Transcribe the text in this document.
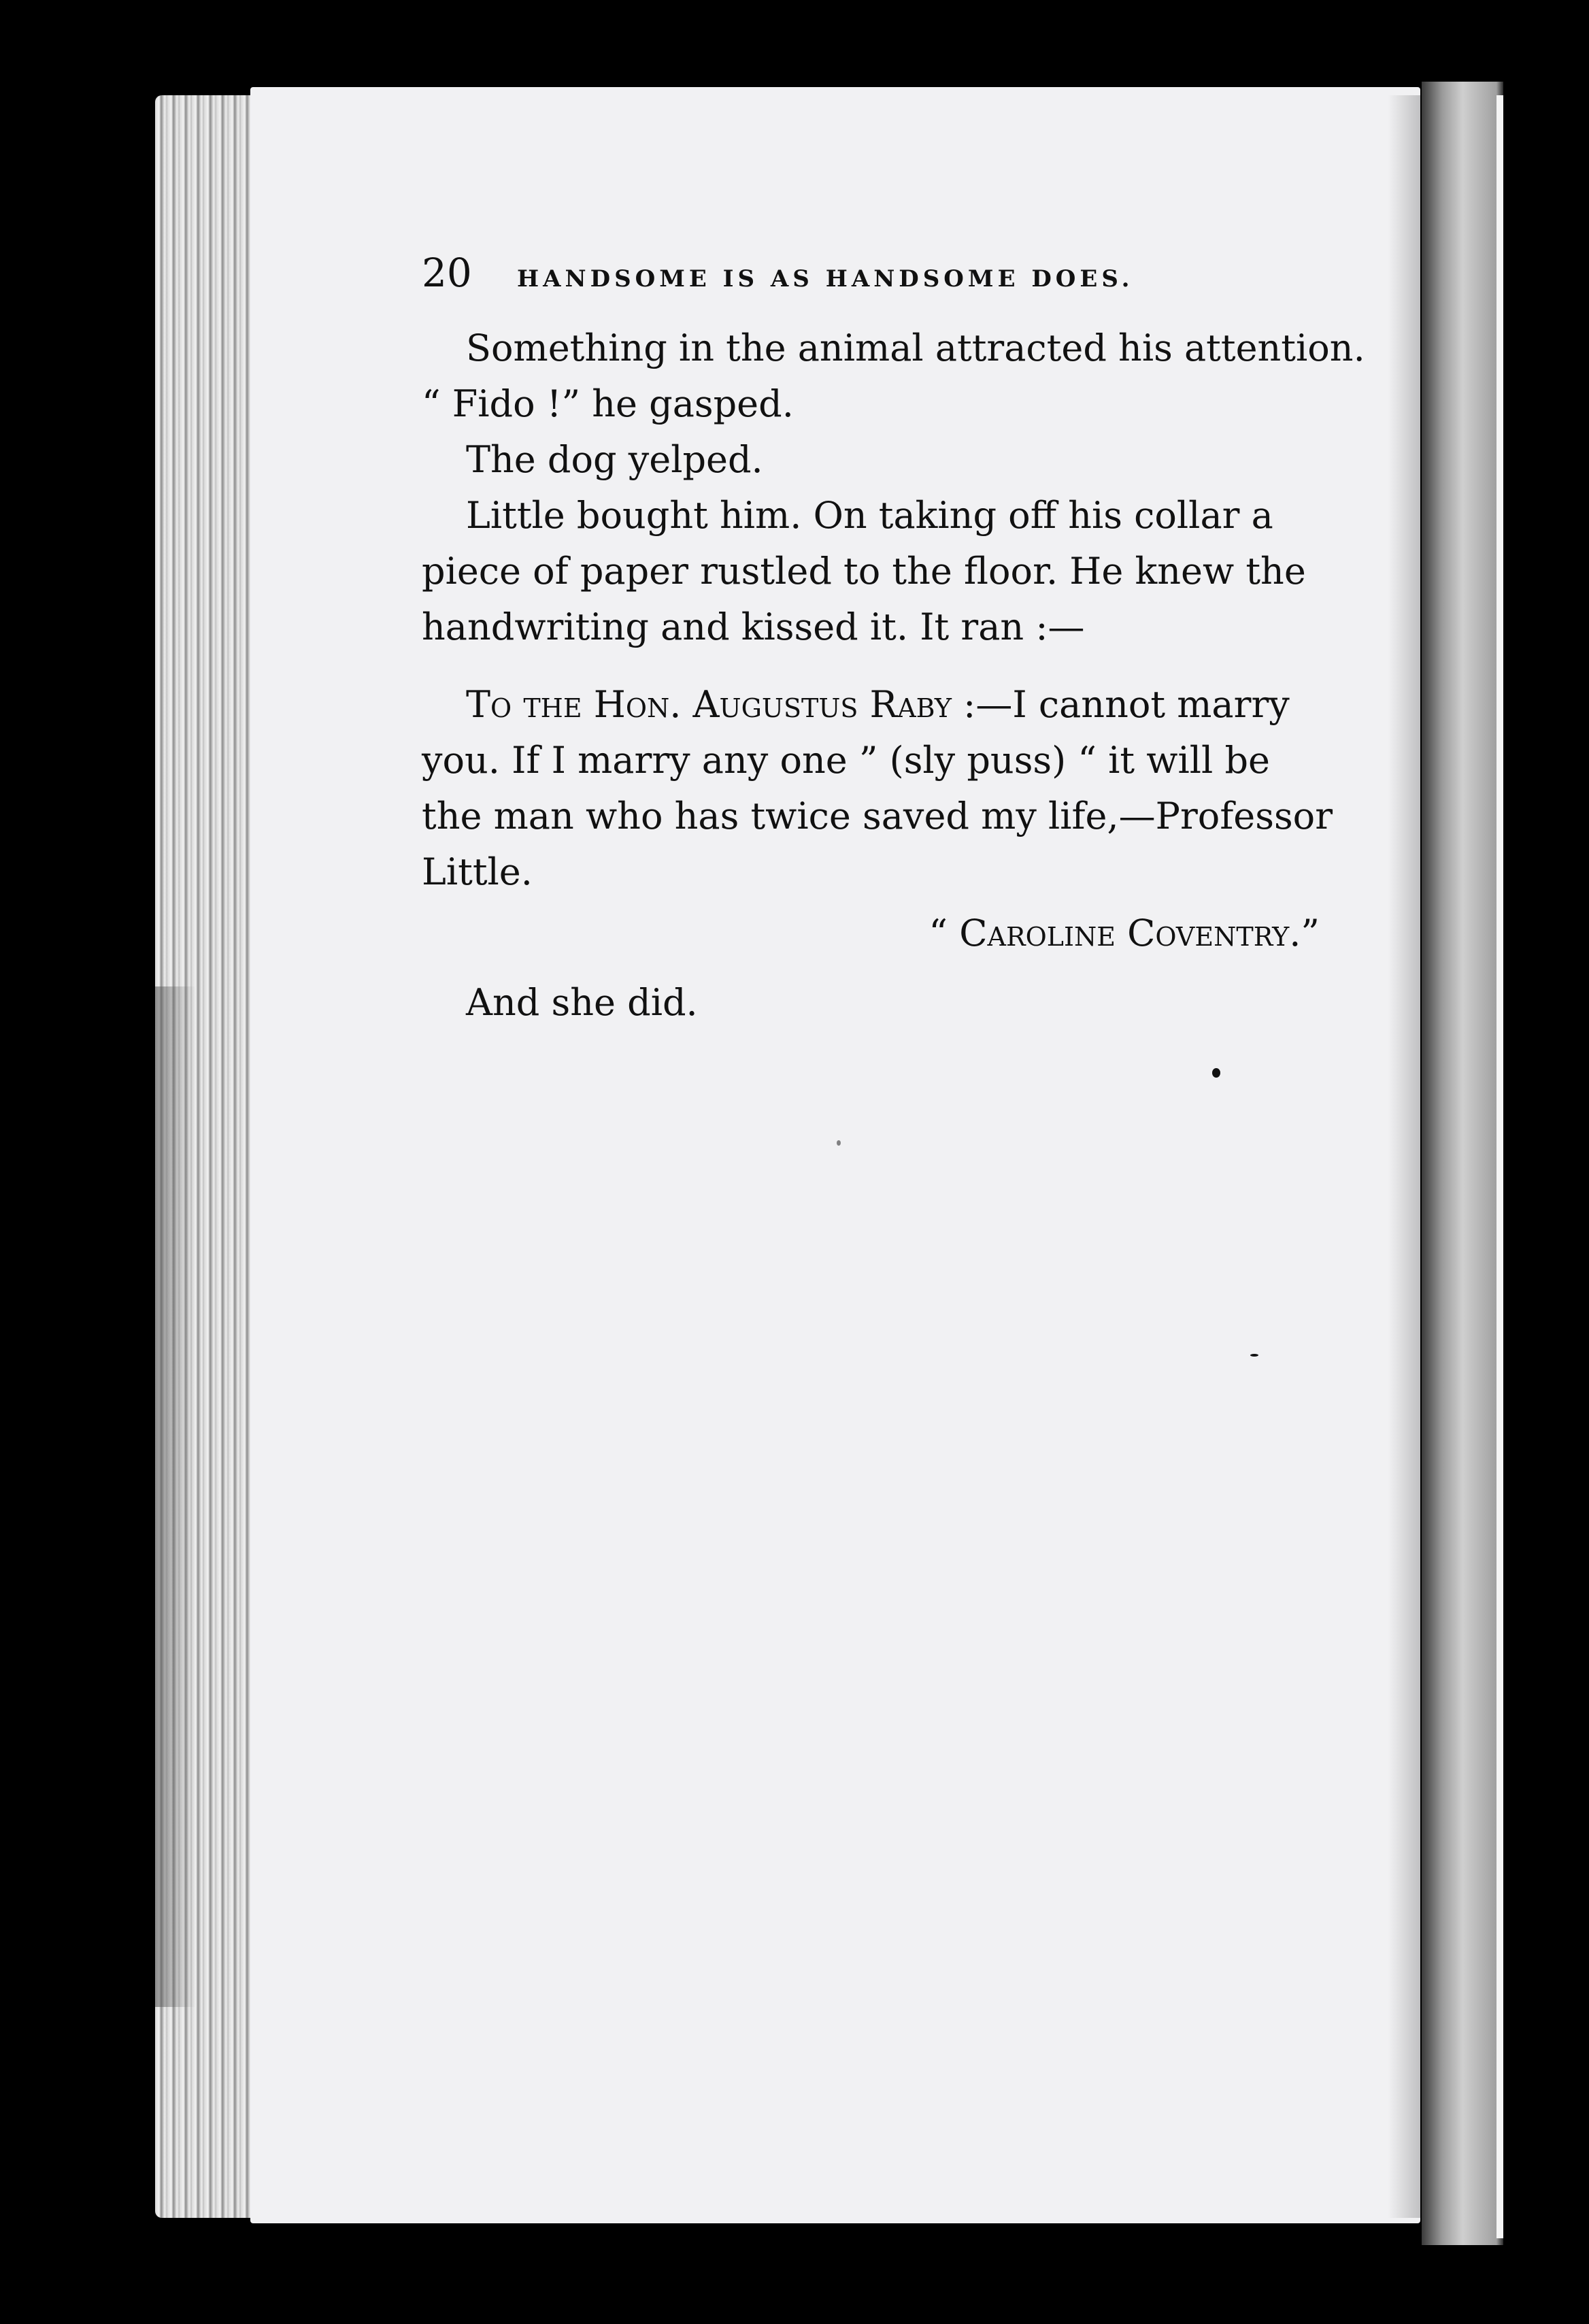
20	HANDSOME IS AS HANDSOME DOES.

Something in the animal attracted his attention.
“ Fido !” he gasped.

The dog yelped.

Little bought him. On taking off his collar a
piece of paper rustled to the floor. He knew the
handwriting and kissed it. It ran :—

To the Hon. Augustus Raby :—I cannot marry
you. If I marry any one ” (sly puss) “ it will be
the man who has twice saved my life,—Professor
Little.

“ Caroline Coventry.”

And she did.
